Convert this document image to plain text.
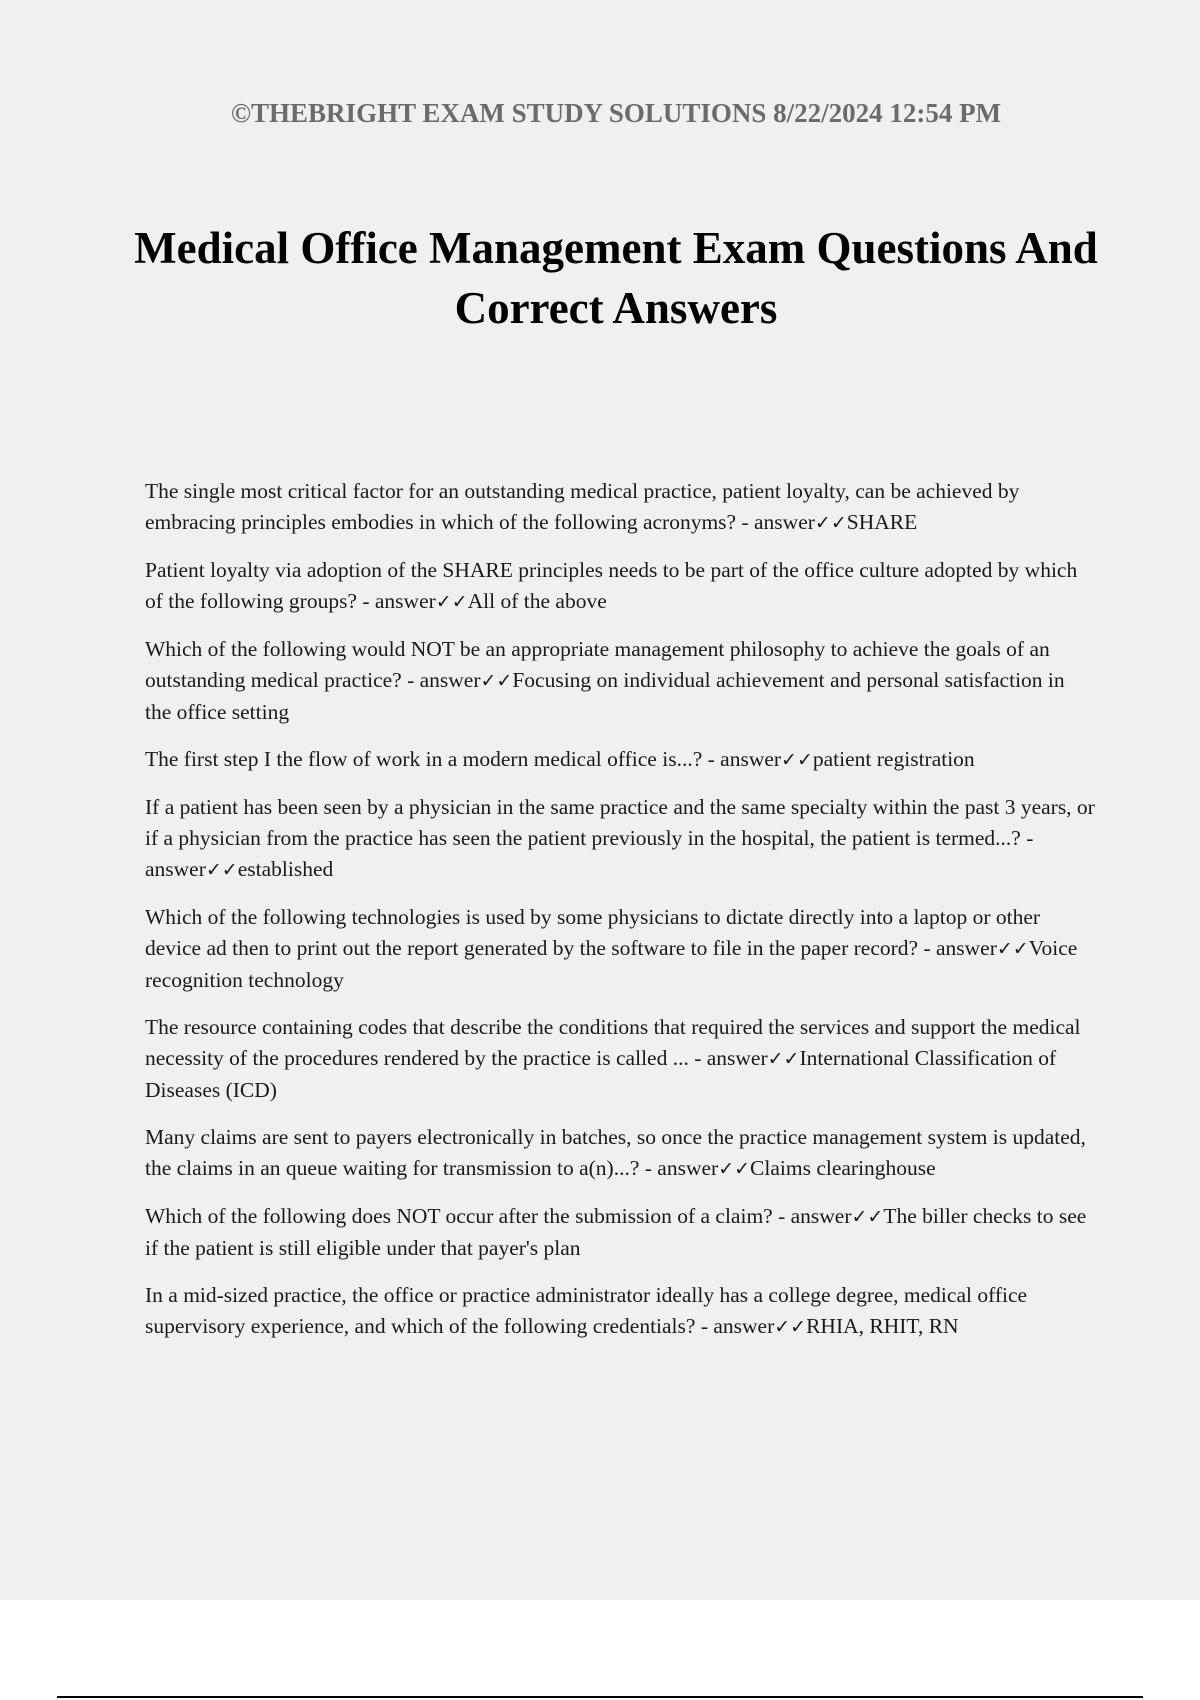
©THEBRIGHT EXAM STUDY SOLUTIONS 8/22/2024 12:54 PM
Medical Office Management Exam Questions And Correct Answers
The single most critical factor for an outstanding medical practice, patient loyalty, can be achieved by embracing principles embodies in which of the following acronyms? - answer✓✓SHARE
Patient loyalty via adoption of the SHARE principles needs to be part of the office culture adopted by which of the following groups? - answer✓✓All of the above
Which of the following would NOT be an appropriate management philosophy to achieve the goals of an outstanding medical practice? - answer✓✓Focusing on individual achievement and personal satisfaction in the office setting
The first step I the flow of work in a modern medical office is...? - answer✓✓patient registration
If a patient has been seen by a physician in the same practice and the same specialty within the past 3 years, or if a physician from the practice has seen the patient previously in the hospital, the patient is termed...? - answer✓✓established
Which of the following technologies is used by some physicians to dictate directly into a laptop or other device ad then to print out the report generated by the software to file in the paper record? - answer✓✓Voice recognition technology
The resource containing codes that describe the conditions that required the services and support the medical necessity of the procedures rendered by the practice is called ... - answer✓✓International Classification of Diseases (ICD)
Many claims are sent to payers electronically in batches, so once the practice management system is updated, the claims in an queue waiting for transmission to a(n)...? - answer✓✓Claims clearinghouse
Which of the following does NOT occur after the submission of a claim? - answer✓✓The biller checks to see if the patient is still eligible under that payer's plan
In a mid-sized practice, the office or practice administrator ideally has a college degree, medical office supervisory experience, and which of the following credentials? - answer✓✓RHIA, RHIT, RN
